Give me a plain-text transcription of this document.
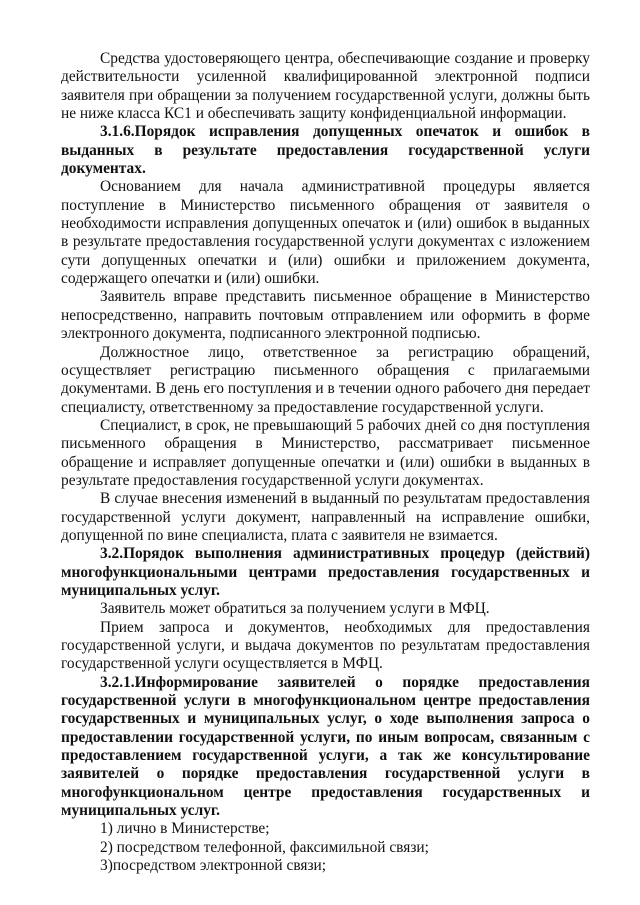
Средства удостоверяющего центра, обеспечивающие создание и проверку действительности усиленной квалифицированной электронной подписи заявителя при обращении за получением государственной услуги, должны быть не ниже класса КС1 и обеспечивать защиту конфиденциальной информации.

3.1.6.Порядок исправления допущенных опечаток и ошибок в выданных в результате предоставления государственной услуги документах.

Основанием для начала административной процедуры является поступление в Министерство письменного обращения от заявителя о необходимости исправления допущенных опечаток и (или) ошибок в выданных в результате предоставления государственной услуги документах с изложением сути допущенных опечатки и (или) ошибки и приложением документа, содержащего опечатки и (или) ошибки.

Заявитель вправе представить письменное обращение в Министерство непосредственно, направить почтовым отправлением или оформить в форме электронного документа, подписанного электронной подписью.

Должностное лицо, ответственное за регистрацию обращений, осуществляет регистрацию письменного обращения с прилагаемыми документами. В день его поступления и в течении одного рабочего дня передает специалисту, ответственному за предоставление государственной услуги.

Специалист, в срок, не превышающий 5 рабочих дней со дня поступления письменного обращения в Министерство, рассматривает письменное обращение и исправляет допущенные опечатки и (или) ошибки в выданных в результате предоставления государственной услуги документах.

В случае внесения изменений в выданный по результатам предоставления государственной услуги документ, направленный на исправление ошибки, допущенной по вине специалиста, плата с заявителя не взимается.

3.2.Порядок выполнения административных процедур (действий) многофункциональными центрами предоставления государственных и муниципальных услуг.

Заявитель может обратиться за получением услуги в МФЦ.

Прием запроса и документов, необходимых для предоставления государственной услуги, и выдача документов по результатам предоставления государственной услуги осуществляется в МФЦ.

3.2.1.Информирование заявителей о порядке предоставления государственной услуги в многофункциональном центре предоставления государственных и муниципальных услуг, о ходе выполнения запроса о предоставлении государственной услуги, по иным вопросам, связанным с предоставлением государственной услуги, а так же консультирование заявителей о порядке предоставления государственной услуги в многофункциональном центре предоставления государственных и муниципальных услуг.

1) лично в Министерстве;

2) посредством телефонной, факсимильной связи;

3)посредством электронной связи;
